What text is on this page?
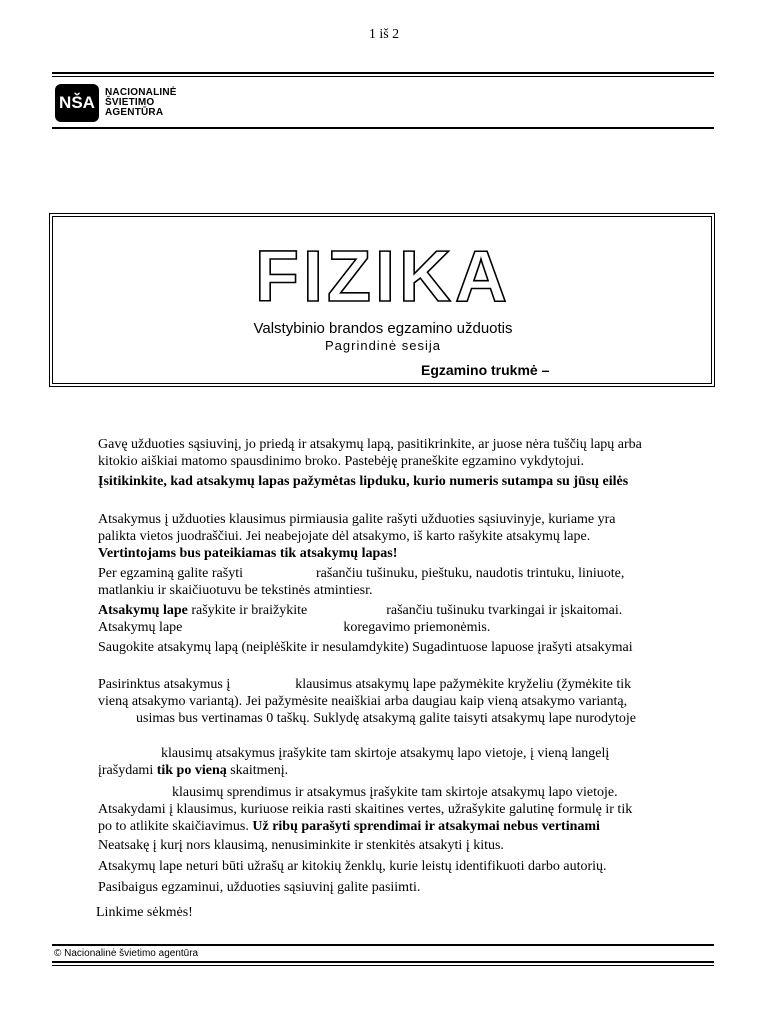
1 iš 2
NŠA
NACIONALINĖ
ŠVIETIMO
AGENTŪRA
FIZIKA
Valstybinio brandos egzamino užduotis
Pagrindinė sesija
Egzamino trukmė –
Gavę užduoties sąsiuvinį, jo priedą ir atsakymų lapą, pasitikrinkite, ar juose nėra tuščių lapų arba
kitokio aiškiai matomo spausdinimo broko. Pastebėję praneškite egzamino vykdytojui.
Įsitikinkite, kad atsakymų lapas pažymėtas lipduku, kurio numeris sutampa su jūsų eilės
Atsakymus į užduoties klausimus pirmiausia galite rašyti užduoties sąsiuvinyje, kuriame yra
palikta vietos juodraščiui. Jei neabejojate dėl atsakymo, iš karto rašykite atsakymų lape.
Vertintojams bus pateikiamas tik atsakymų lapas!
Per egzaminą galite rašyti	rašančiu tušinuku, pieštuku, naudotis trintuku, liniuote,
matlankiu ir skaičiuotuvu be tekstinės atmintiesr.
Atsakymų lape rašykite ir braižykite	rašančiu tušinuku tvarkingai ir įskaitomai.
Atsakymų lape	koregavimo priemonėmis.
Saugokite atsakymų lapą (neiplėškite ir nesulamdykite) Sugadintuose lapuose įrašyti atsakymai
Pasirinktus atsakymus į	klausimus atsakymų lape pažymėkite kryželiu (žymėkite tik
vieną atsakymo variantą). Jei pažymėsite neaiškiai arba daugiau kaip vieną atsakymo variantą,
usimas bus vertinamas 0 taškų. Suklydę atsakymą galite taisyti atsakymų lape nurodytoje
klausimų atsakymus įrašykite tam skirtoje atsakymų lapo vietoje, į vieną langelį
įrašydami tik po vieną skaitmenį.
klausimų sprendimus ir atsakymus įrašykite tam skirtoje atsakymų lapo vietoje.
Atsakydami į klausimus, kuriuose reikia rasti skaitines vertes, užrašykite galutinę formulę ir tik
po to atlikite skaičiavimus. Už ribų parašyti sprendimai ir atsakymai nebus vertinami
Neatsakę į kurį nors klausimą, nenusiminkite ir stenkitės atsakyti į kitus.
Atsakymų lape neturi būti užrašų ar kitokių ženklų, kurie leistų identifikuoti darbo autorių.
Pasibaigus egzaminui, užduoties sąsiuvinį galite pasiimti.
Linkime sėkmės!
© Nacionalinė švietimo agentūra
